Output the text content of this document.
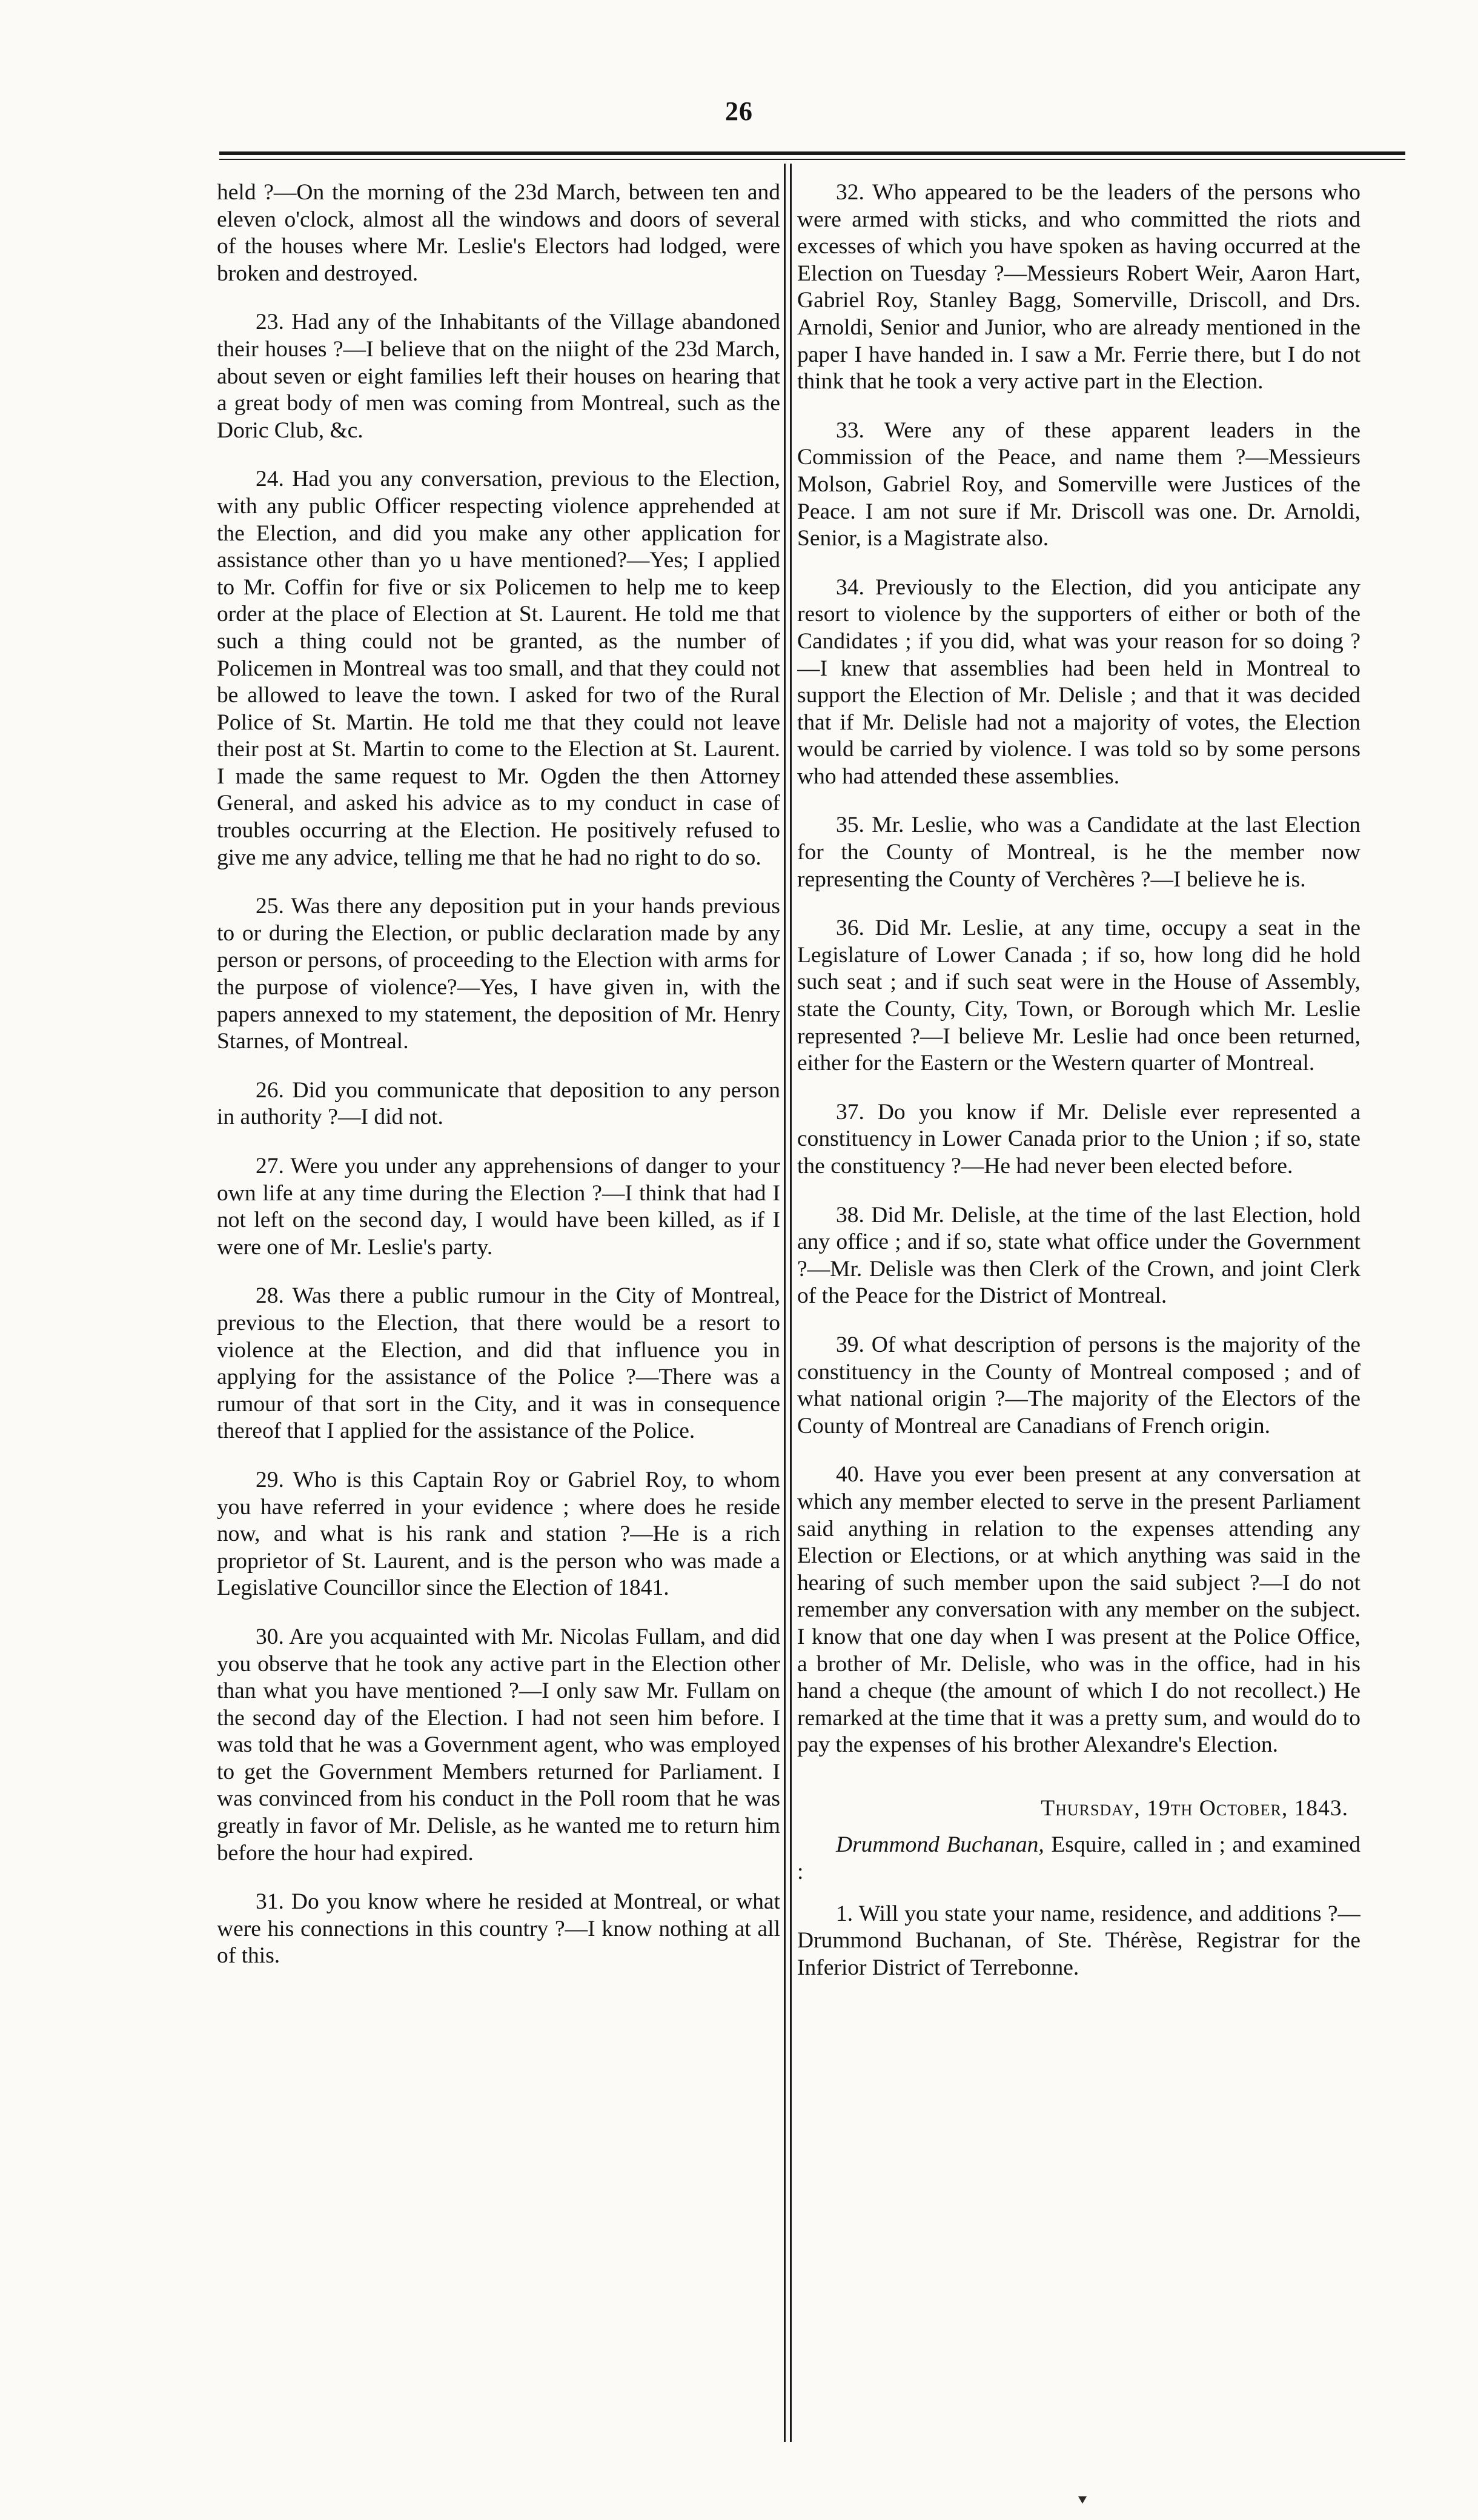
26

held ?—On the morning of the 23d March, between ten and eleven o'clock, almost all the windows and doors of several of the houses where Mr. Leslie's Electors had lodged, were broken and destroyed.

23. Had any of the Inhabitants of the Village abandoned their houses ?—I believe that on the niight of the 23d March, about seven or eight families left their houses on hearing that a great body of men was coming from Montreal, such as the Doric Club, &c.

24. Had you any conversation, previous to the Election, with any public Officer respecting violence apprehended at the Election, and did you make any other application for assistance other than yo u have mentioned?—Yes; I applied to Mr. Coffin for five or six Policemen to help me to keep order at the place of Election at St. Laurent. He told me that such a thing could not be granted, as the number of Policemen in Montreal was too small, and that they could not be allowed to leave the town. I asked for two of the Rural Police of St. Martin. He told me that they could not leave their post at St. Martin to come to the Election at St. Laurent. I made the same request to Mr. Ogden the then Attorney General, and asked his advice as to my conduct in case of troubles occurring at the Election. He positively refused to give me any advice, telling me that he had no right to do so.

25. Was there any deposition put in your hands previous to or during the Election, or public declaration made by any person or persons, of proceeding to the Election with arms for the purpose of violence?—Yes, I have given in, with the papers annexed to my statement, the deposition of Mr. Henry Starnes, of Montreal.

26. Did you communicate that deposition to any person in authority ?—I did not.

27. Were you under any apprehensions of danger to your own life at any time during the Election ?—I think that had I not left on the second day, I would have been killed, as if I were one of Mr. Leslie's party.

28. Was there a public rumour in the City of Montreal, previous to the Election, that there would be a resort to violence at the Election, and did that influence you in applying for the assistance of the Police ?—There was a rumour of that sort in the City, and it was in consequence thereof that I applied for the assistance of the Police.

29. Who is this Captain Roy or Gabriel Roy, to whom you have referred in your evidence ; where does he reside now, and what is his rank and station ?—He is a rich proprietor of St. Laurent, and is the person who was made a Legislative Councillor since the Election of 1841.

30. Are you acquainted with Mr. Nicolas Fullam, and did you observe that he took any active part in the Election other than what you have mentioned ?—I only saw Mr. Fullam on the second day of the Election. I had not seen him before. I was told that he was a Government agent, who was employed to get the Government Members returned for Parliament. I was convinced from his conduct in the Poll room that he was greatly in favor of Mr. Delisle, as he wanted me to return him before the hour had expired.

31. Do you know where he resided at Montreal, or what were his connections in this country ?—I know nothing at all of this.

32. Who appeared to be the leaders of the persons who were armed with sticks, and who committed the riots and excesses of which you have spoken as having occurred at the Election on Tuesday ?—Messieurs Robert Weir, Aaron Hart, Gabriel Roy, Stanley Bagg, Somerville, Driscoll, and Drs. Arnoldi, Senior and Junior, who are already mentioned in the paper I have handed in. I saw a Mr. Ferrie there, but I do not think that he took a very active part in the Election.

33. Were any of these apparent leaders in the Commission of the Peace, and name them ?—Messieurs Molson, Gabriel Roy, and Somerville were Justices of the Peace. I am not sure if Mr. Driscoll was one. Dr. Arnoldi, Senior, is a Magistrate also.

34. Previously to the Election, did you anticipate any resort to violence by the supporters of either or both of the Candidates ; if you did, what was your reason for so doing ?—I knew that assemblies had been held in Montreal to support the Election of Mr. Delisle ; and that it was decided that if Mr. Delisle had not a majority of votes, the Election would be carried by violence. I was told so by some persons who had attended these assemblies.

35. Mr. Leslie, who was a Candidate at the last Election for the County of Montreal, is he the member now representing the County of Verchères ?—I believe he is.

36. Did Mr. Leslie, at any time, occupy a seat in the Legislature of Lower Canada ; if so, how long did he hold such seat ; and if such seat were in the House of Assembly, state the County, City, Town, or Borough which Mr. Leslie represented ?—I believe Mr. Leslie had once been returned, either for the Eastern or the Western quarter of Montreal.

37. Do you know if Mr. Delisle ever represented a constituency in Lower Canada prior to the Union ; if so, state the constituency ?—He had never been elected before.

38. Did Mr. Delisle, at the time of the last Election, hold any office ; and if so, state what office under the Government ?—Mr. Delisle was then Clerk of the Crown, and joint Clerk of the Peace for the District of Montreal.

39. Of what description of persons is the majority of the constituency in the County of Montreal composed ; and of what national origin ?—The majority of the Electors of the County of Montreal are Canadians of French origin.

40. Have you ever been present at any conversation at which any member elected to serve in the present Parliament said anything in relation to the expenses attending any Election or Elections, or at which anything was said in the hearing of such member upon the said subject ?—I do not remember any conversation with any member on the subject. I know that one day when I was present at the Police Office, a brother of Mr. Delisle, who was in the office, had in his hand a cheque (the amount of which I do not recollect.) He remarked at the time that it was a pretty sum, and would do to pay the expenses of his brother Alexandre's Election.

Thursday, 19th October, 1843.

Drummond Buchanan, Esquire, called in ; and examined :

1. Will you state your name, residence, and additions ?—Drummond Buchanan, of Ste. Thérèse, Registrar for the Inferior District of Terrebonne.
